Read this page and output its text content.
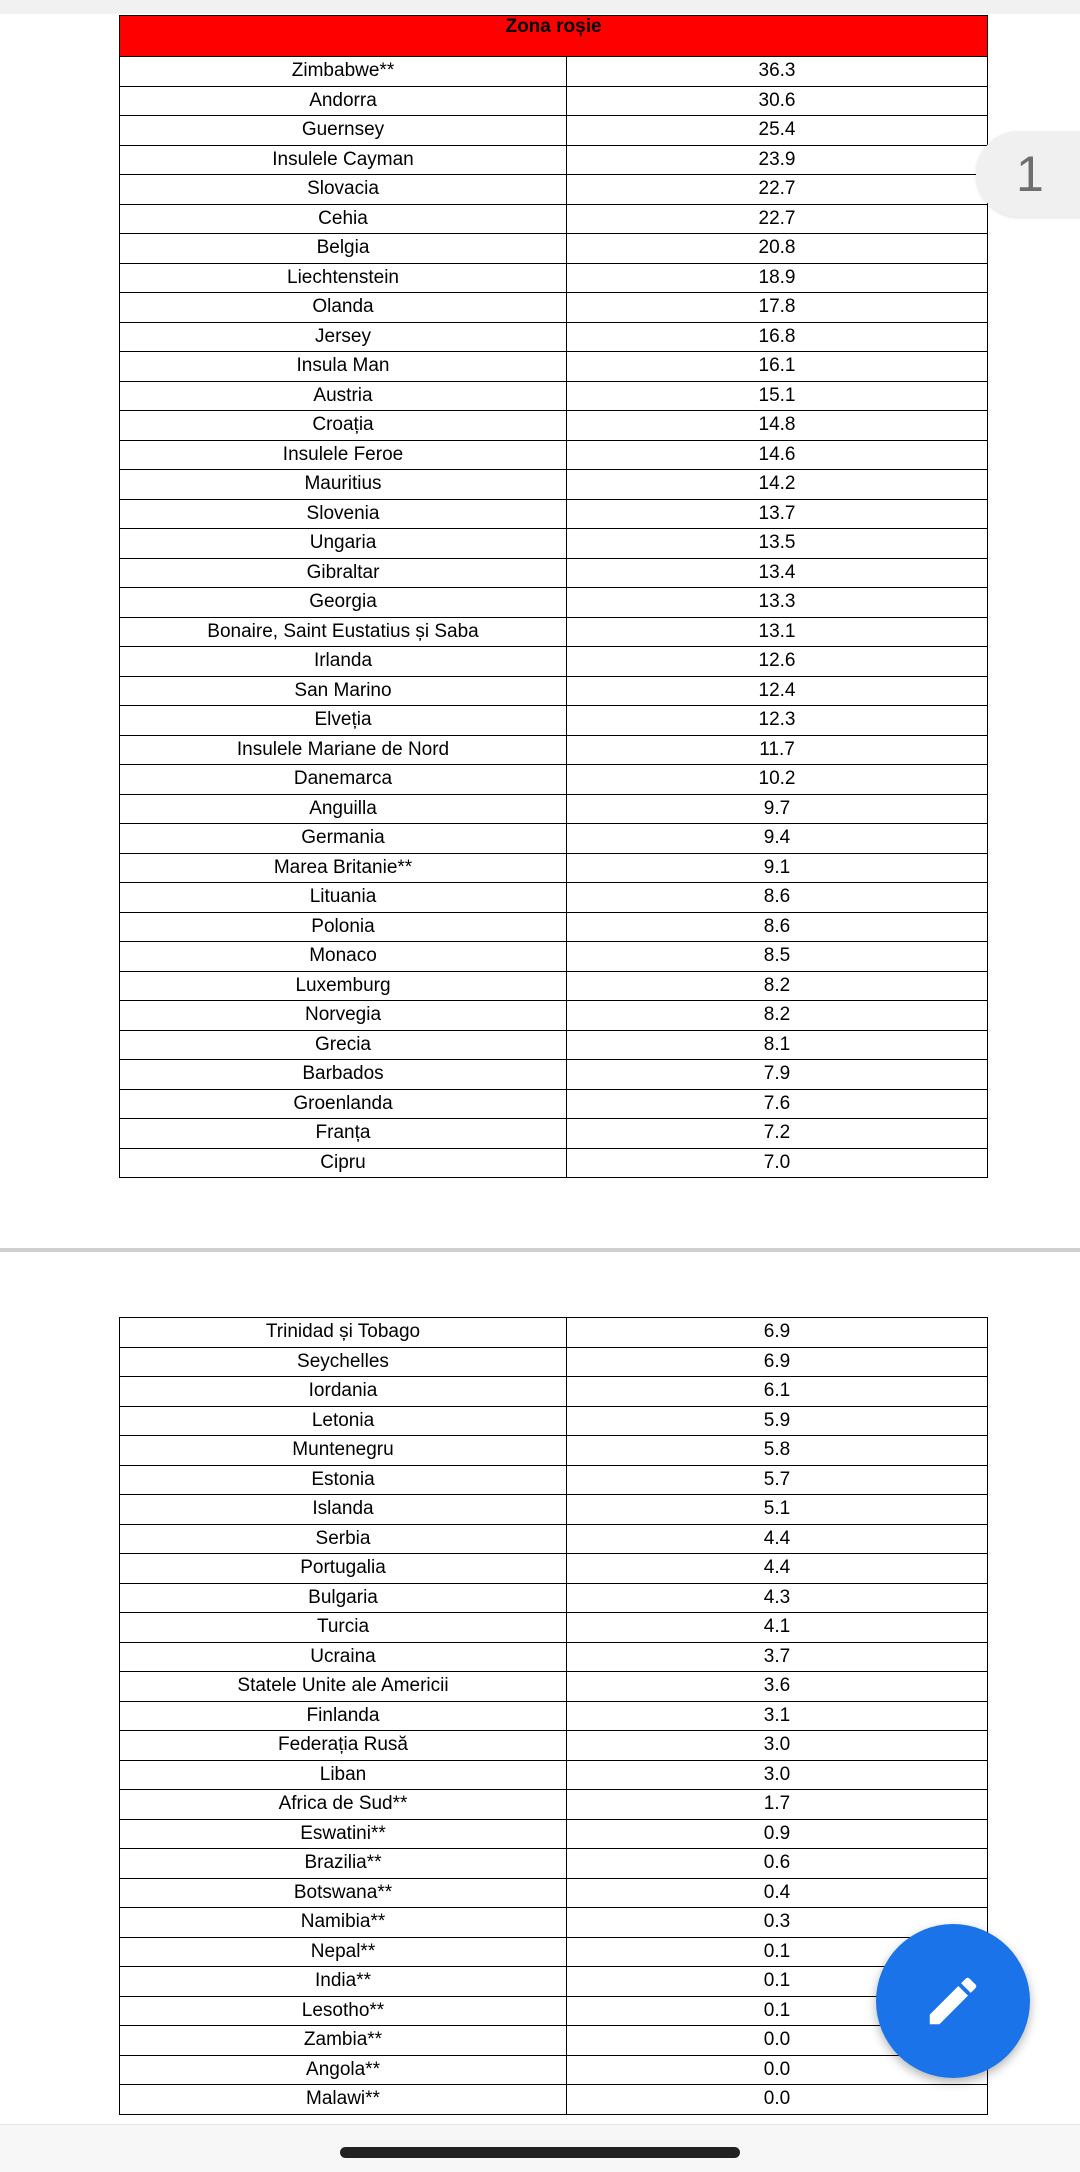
Zona roșie	
Zimbabwe**	36.3
Andorra	30.6
Guernsey	25.4
Insulele Cayman	23.9
Slovacia	22.7
Cehia	22.7
Belgia	20.8
Liechtenstein	18.9
Olanda	17.8
Jersey	16.8
Insula Man	16.1
Austria	15.1
Croația	14.8
Insulele Feroe	14.6
Mauritius	14.2
Slovenia	13.7
Ungaria	13.5
Gibraltar	13.4
Georgia	13.3
Bonaire, Saint Eustatius și Saba	13.1
Irlanda	12.6
San Marino	12.4
Elveția	12.3
Insulele Mariane de Nord	11.7
Danemarca	10.2
Anguilla	9.7
Germania	9.4
Marea Britanie**	9.1
Lituania	8.6
Polonia	8.6
Monaco	8.5
Luxemburg	8.2
Norvegia	8.2
Grecia	8.1
Barbados	7.9
Groenlanda	7.6
Franța	7.2
Cipru	7.0
Trinidad și Tobago	6.9
Seychelles	6.9
Iordania	6.1
Letonia	5.9
Muntenegru	5.8
Estonia	5.7
Islanda	5.1
Serbia	4.4
Portugalia	4.4
Bulgaria	4.3
Turcia	4.1
Ucraina	3.7
Statele Unite ale Americii	3.6
Finlanda	3.1
Federația Rusă	3.0
Liban	3.0
Africa de Sud**	1.7
Eswatini**	0.9
Brazilia**	0.6
Botswana**	0.4
Namibia**	0.3
Nepal**	0.1
India**	0.1
Lesotho**	0.1
Zambia**	0.0
Angola**	0.0
Malawi**	0.0
1
